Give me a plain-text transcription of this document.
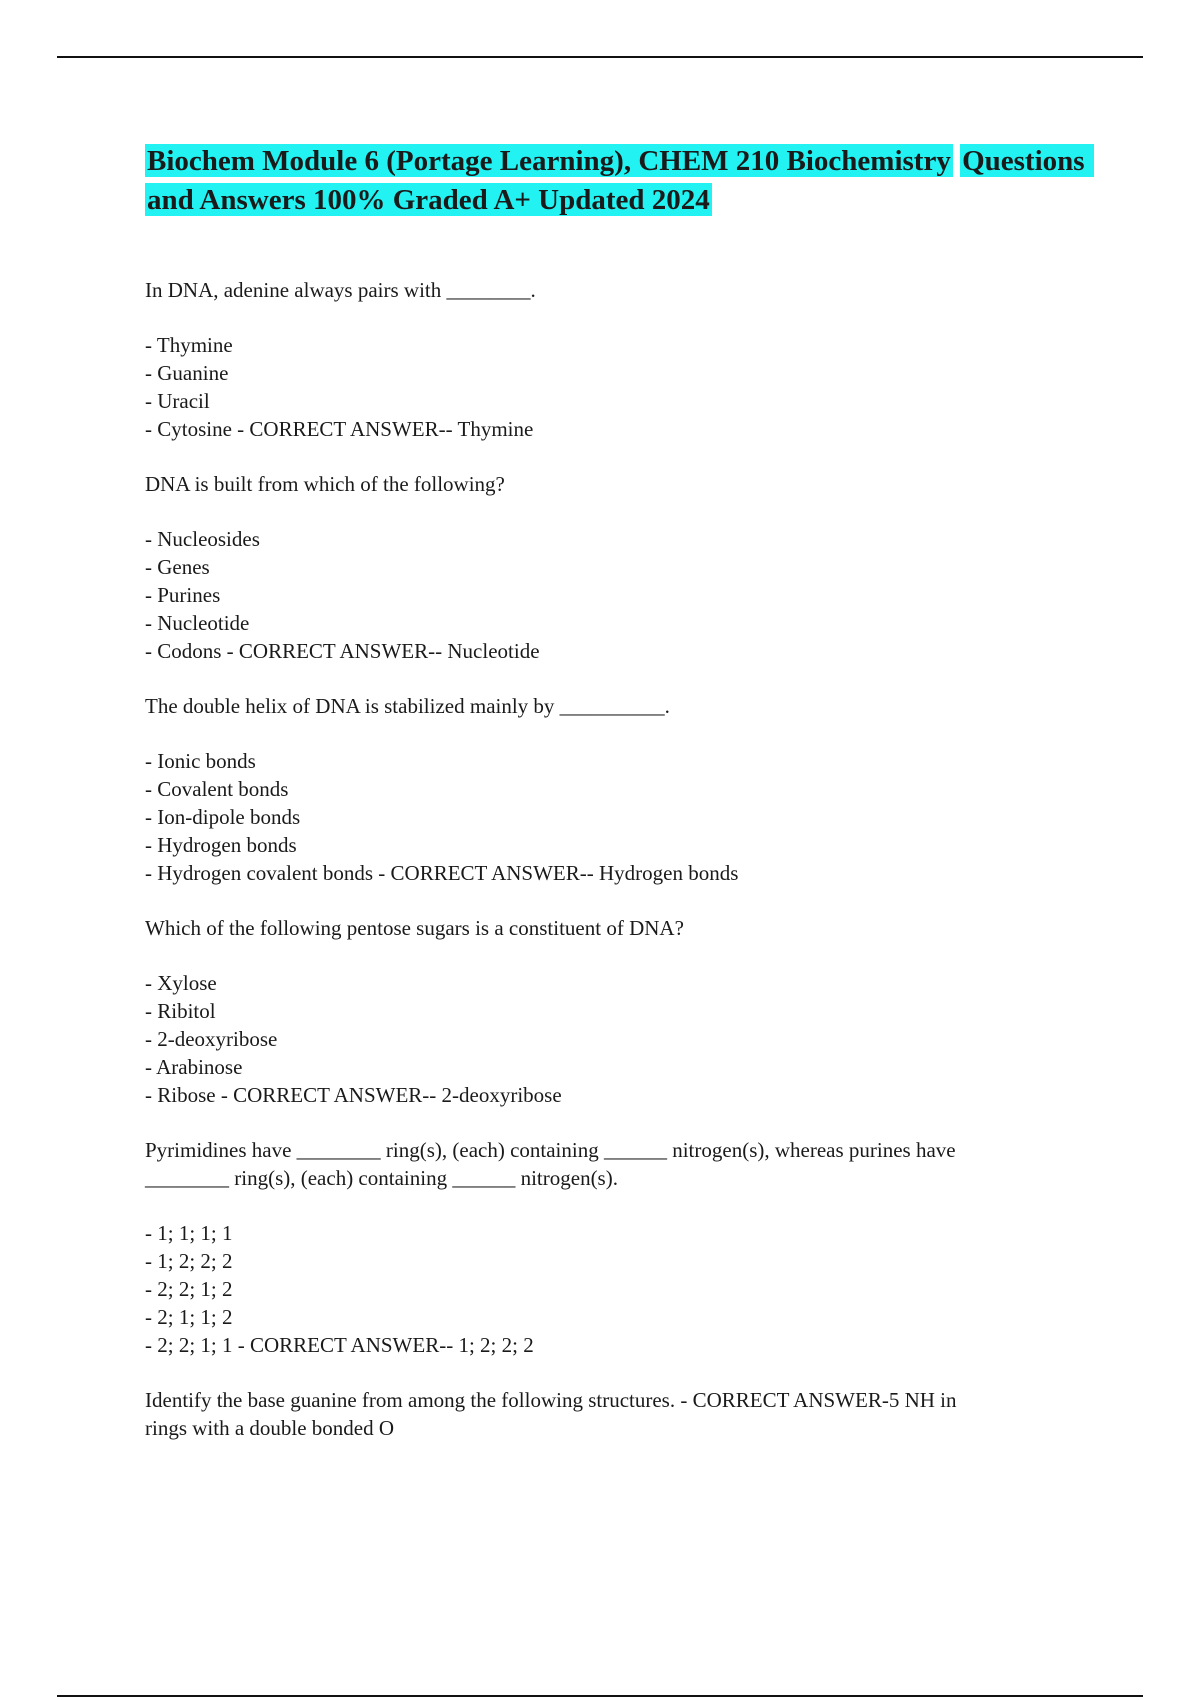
Biochem Module 6 (Portage Learning), CHEM 210 Biochemistry Questions and Answers 100% Graded A+ Updated 2024
In DNA, adenine always pairs with ________.
- Thymine
- Guanine
- Uracil
- Cytosine - CORRECT ANSWER-- Thymine
DNA is built from which of the following?
- Nucleosides
- Genes
- Purines
- Nucleotide
- Codons - CORRECT ANSWER-- Nucleotide
The double helix of DNA is stabilized mainly by __________.
- Ionic bonds
- Covalent bonds
- Ion-dipole bonds
- Hydrogen bonds
- Hydrogen covalent bonds - CORRECT ANSWER-- Hydrogen bonds
Which of the following pentose sugars is a constituent of DNA?
- Xylose
- Ribitol
- 2-deoxyribose
- Arabinose
- Ribose - CORRECT ANSWER-- 2-deoxyribose
Pyrimidines have ________ ring(s), (each) containing ______ nitrogen(s), whereas purines have
________ ring(s), (each) containing ______ nitrogen(s).
- 1; 1; 1; 1
- 1; 2; 2; 2
- 2; 2; 1; 2
- 2; 1; 1; 2
- 2; 2; 1; 1 - CORRECT ANSWER-- 1; 2; 2; 2
Identify the base guanine from among the following structures. - CORRECT ANSWER-5 NH in
rings with a double bonded O
